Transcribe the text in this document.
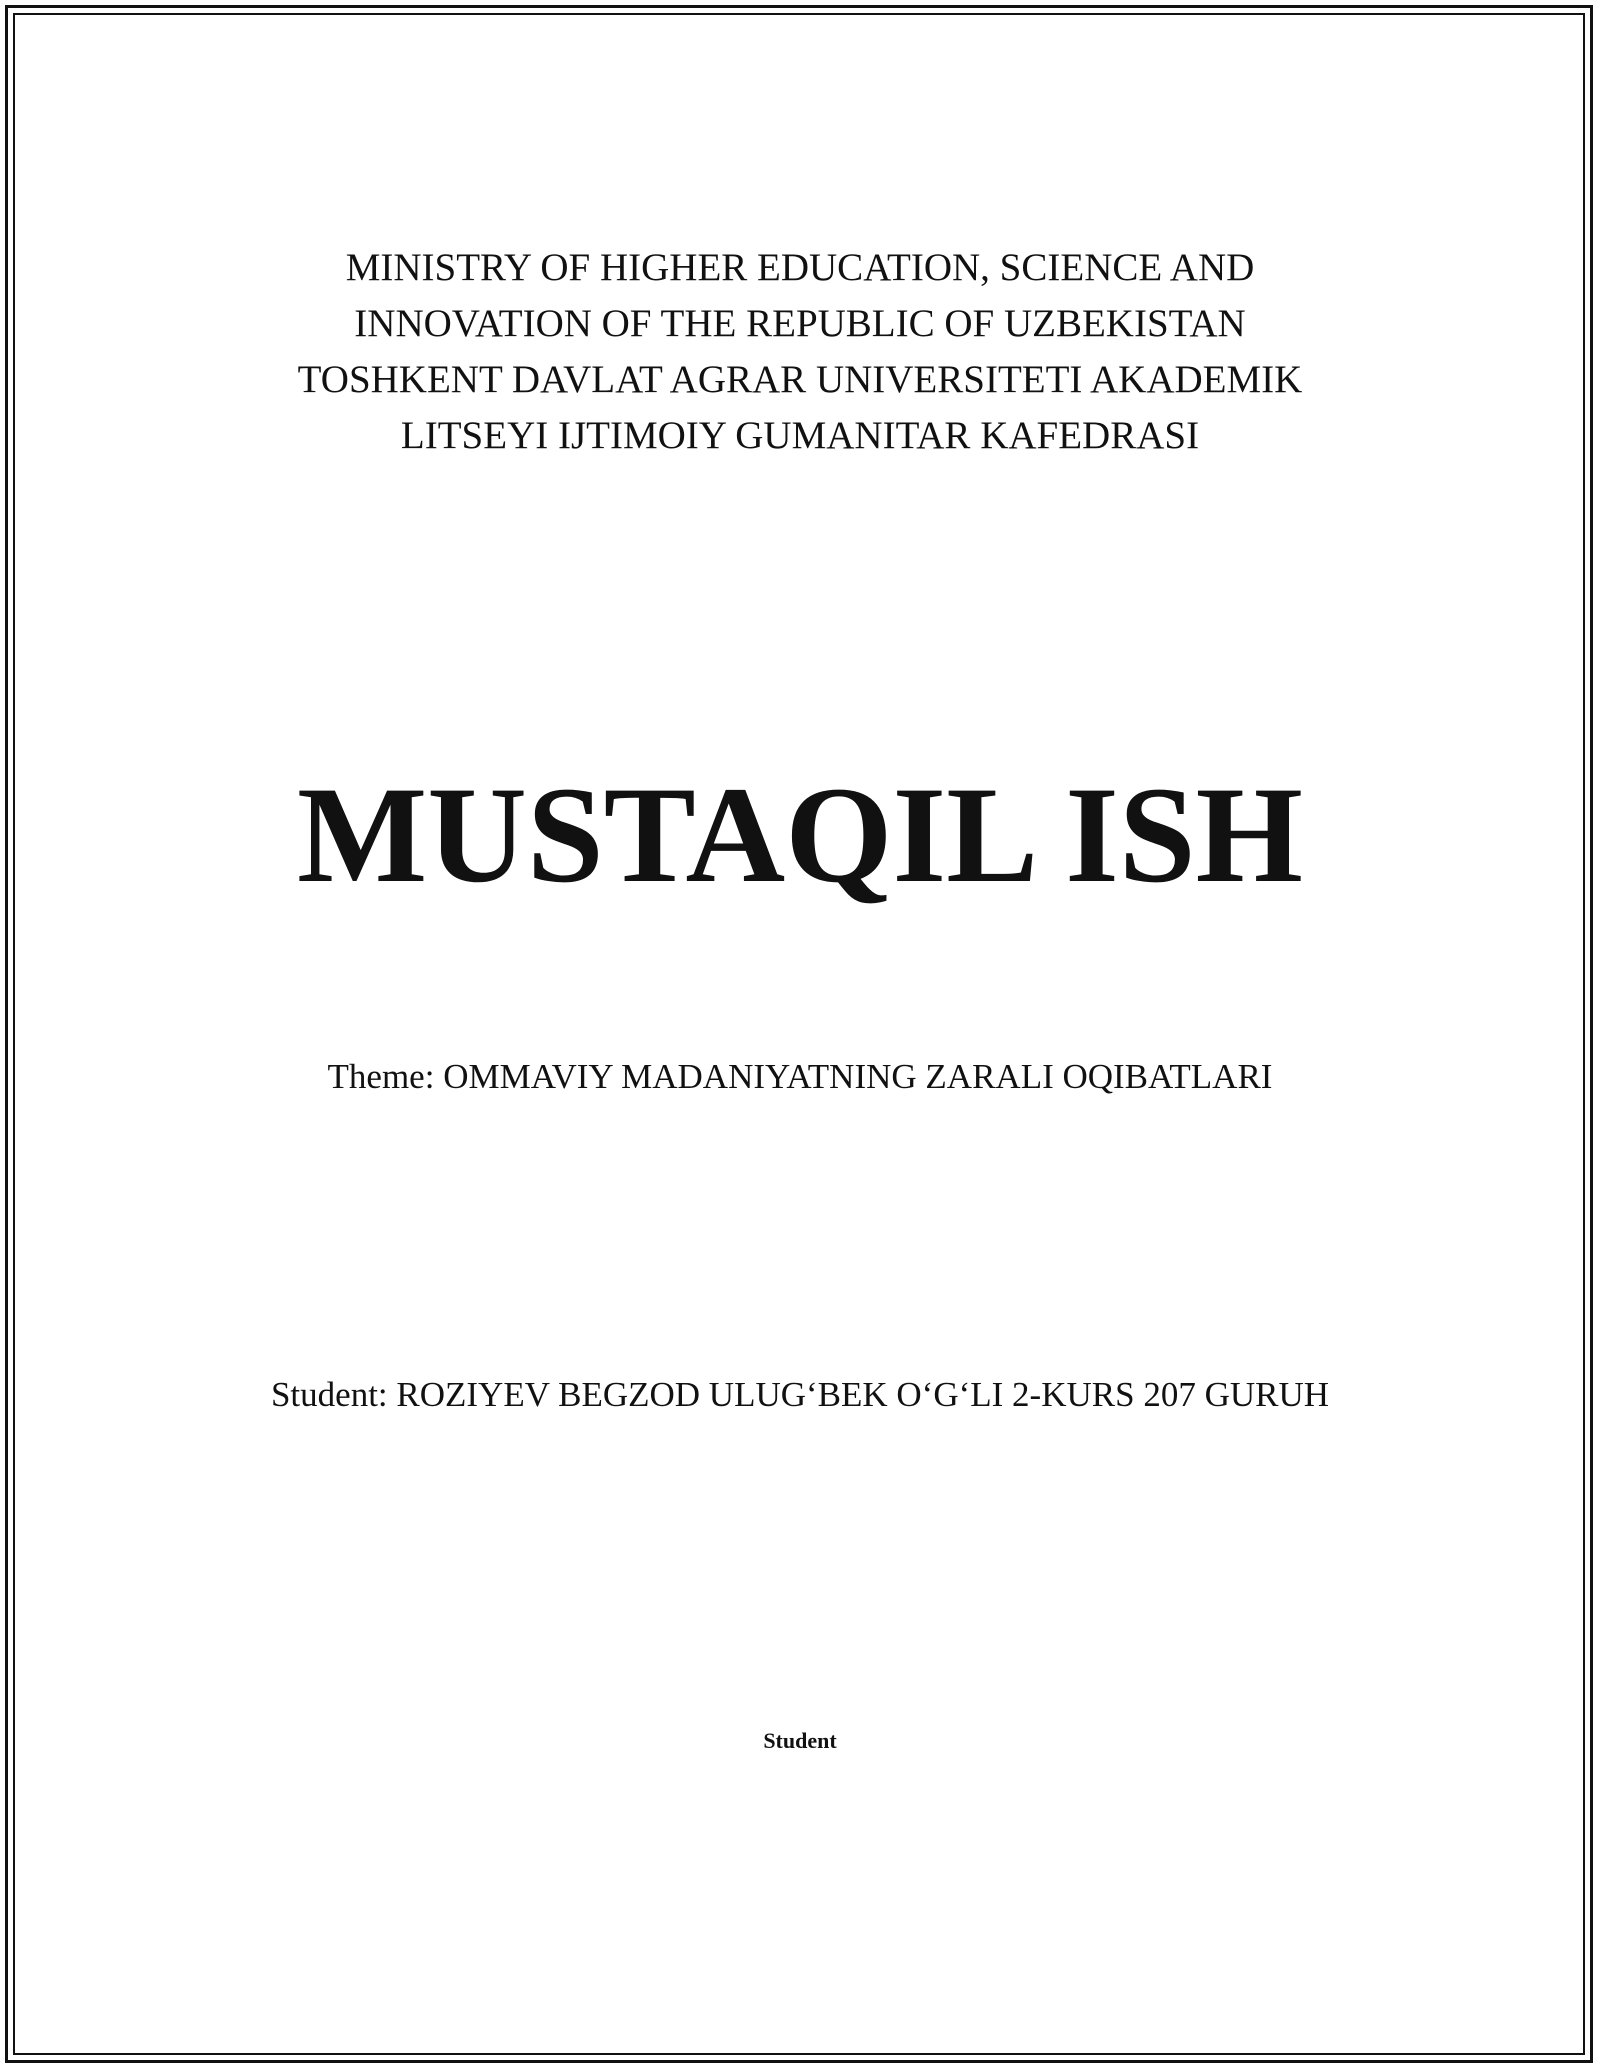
MINISTRY OF HIGHER EDUCATION, SCIENCE AND
INNOVATION OF THE REPUBLIC OF UZBEKISTAN
TOSHKENT DAVLAT AGRAR UNIVERSITETI AKADEMIK
LITSEYI IJTIMOIY GUMANITAR KAFEDRASI
MUSTAQIL ISH
Theme: OMMAVIY MADANIYATNING ZARALI OQIBATLARI
Student: ROZIYEV BEGZOD ULUG‘BEK O‘G‘LI 2-KURS 207 GURUH
Student
